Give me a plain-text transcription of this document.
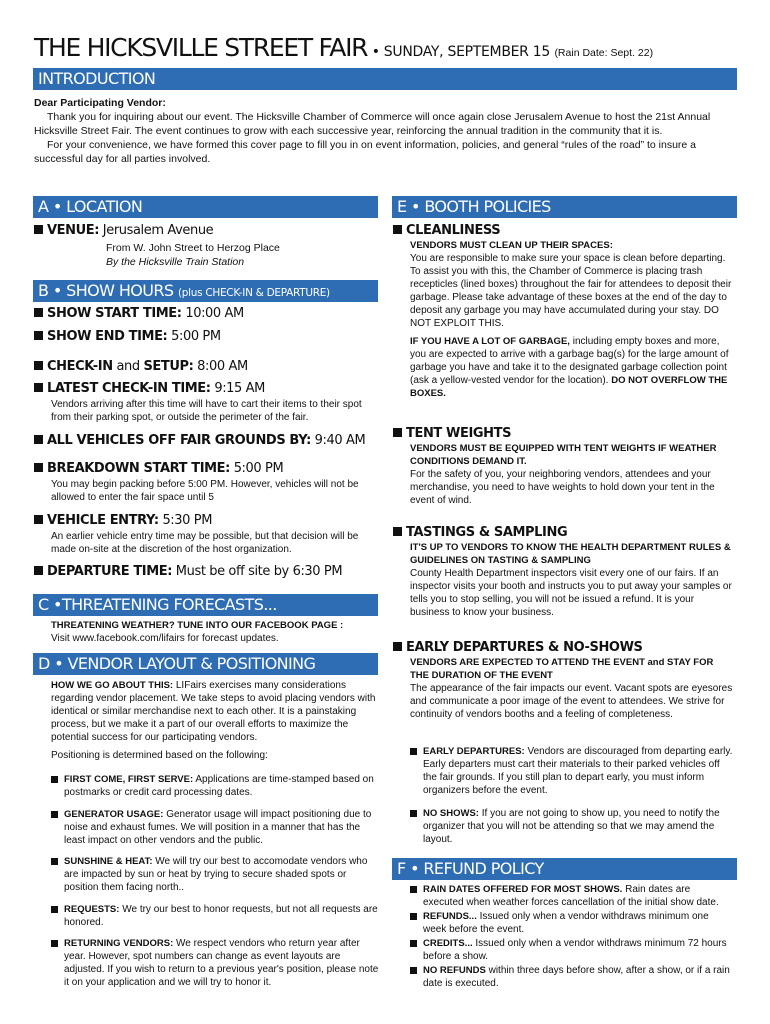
THE HICKSVILLE STREET FAIR • SUNDAY, SEPTEMBER 15 (Rain Date: Sept. 22)
INTRODUCTION

Dear Participating Vendor:

Thank you for inquiring about our event. The Hicksville Chamber of Commerce will once again close Jerusalem Avenue to host the 21st Annual Hicksville Street Fair. The event continues to grow with each successive year, reinforcing the annual tradition in the community that it is.

For your convenience, we have formed this cover page to fill you in on event information, policies, and general “rules of the road” to insure a successful day for all parties involved.

A • LOCATION
VENUE: Jerusalem Avenue

From W. John Street to Herzog Place

By the Hicksville Train Station

B • SHOW HOURS (plus CHECK-IN & DEPARTURE)
SHOW START TIME: 10:00 AM
SHOW END TIME: 5:00 PM
CHECK-IN and SETUP: 8:00 AM
LATEST CHECK-IN TIME: 9:15 AM

Vendors arriving after this time will have to cart their items to their spot from their parking spot, or outside the perimeter of the fair.

ALL VEHICLES OFF FAIR GROUNDS BY: 9:40 AM
BREAKDOWN START TIME: 5:00 PM

You may begin packing before 5:00 PM. However, vehicles will not be allowed to enter the fair space until 5

VEHICLE ENTRY: 5:30 PM

An earlier vehicle entry time may be possible, but that decision will be made on-site at the discretion of the host organization.

DEPARTURE TIME: Must be off site by 6:30 PM
C •THREATENING FORECASTS...

THREATENING WEATHER? TUNE INTO OUR FACEBOOK PAGE :

Visit www.facebook.com/lifairs for forecast updates.

D • VENDOR LAYOUT & POSITIONING

HOW WE GO ABOUT THIS: LIFairs exercises many considerations regarding vendor placement. We take steps to avoid placing vendors with identical or similar merchandise next to each other. It is a painstaking process, but we make it a part of our overall efforts to maximize the potential success for our participating vendors.

Positioning is determined based on the following:

FIRST COME, FIRST SERVE: Applications are time-stamped based on postmarks or credit card processing dates.
GENERATOR USAGE: Generator usage will impact positioning due to noise and exhaust fumes. We will position in a manner that has the least impact on other vendors and the public.
SUNSHINE & HEAT: We will try our best to accomodate vendors who are impacted by sun or heat by trying to secure shaded spots or position them facing north..
REQUESTS: We try our best to honor requests, but not all requests are honored.
RETURNING VENDORS: We respect vendors who return year after year. However, spot numbers can change as event layouts are adjusted. If you wish to return to a previous year's position, please note it on your application and we will try to honor it.
E • BOOTH POLICIES
CLEANLINESS

VENDORS MUST CLEAN UP THEIR SPACES:

You are responsible to make sure your space is clean before departing. To assist you with this, the Chamber of Commerce is placing trash recepticles (lined boxes) throughout the fair for attendees to deposit their garbage. Please take advantage of these boxes at the end of the day to deposit any garbage you may have accumulated during your stay. DO NOT EXPLOIT THIS.

IF YOU HAVE A LOT OF GARBAGE, including empty boxes and more, you are expected to arrive with a garbage bag(s) for the large amount of garbage you have and take it to the designated garbage collection point (ask a yellow-vested vendor for the location). DO NOT OVERFLOW THE BOXES.

TENT WEIGHTS

VENDORS MUST BE EQUIPPED WITH TENT WEIGHTS IF WEATHER CONDITIONS DEMAND IT.

For the safety of you, your neighboring vendors, attendees and your merchandise, you need to have weights to hold down your tent in the event of wind.

TASTINGS & SAMPLING

IT'S UP TO VENDORS TO KNOW THE HEALTH DEPARTMENT RULES & GUIDELINES ON TASTING & SAMPLING

County Health Department inspectors visit every one of our fairs. If an inspector visits your booth and instructs you to put away your samples or tells you to stop selling, you will not be issued a refund. It is your business to know your business.

EARLY DEPARTURES & NO-SHOWS

VENDORS ARE EXPECTED TO ATTEND THE EVENT and STAY FOR THE DURATION OF THE EVENT

The appearance of the fair impacts our event. Vacant spots are eyesores and communicate a poor image of the event to attendees. We strive for continuity of vendors booths and a feeling of completeness.

EARLY DEPARTURES: Vendors are discouraged from departing early. Early departers must cart their materials to their parked vehicles off the fair grounds. If you still plan to depart early, you must inform organizers before the event.
NO SHOWS: If you are not going to show up, you need to notify the organizer that you will not be attending so that we may amend the layout.
F • REFUND POLICY
RAIN DATES OFFERED FOR MOST SHOWS. Rain dates are executed when weather forces cancellation of the initial show date.
REFUNDS... Issued only when a vendor withdraws minimum one week before the event.
CREDITS... Issued only when a vendor withdraws minimum 72 hours before a show.
NO REFUNDS within three days before show, after a show, or if a rain date is executed.
